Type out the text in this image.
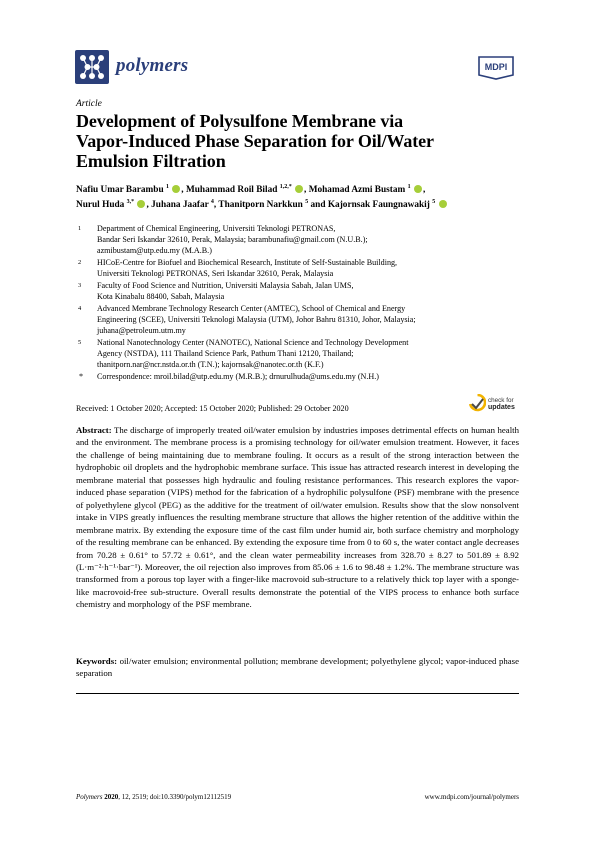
polymers	MDPI
Article
Development of Polysulfone Membrane via
Vapor-Induced Phase Separation for Oil/Water
Emulsion Filtration
Nafiu Umar Barambu $^1$ , Muhammad Roil Bilad $^{1,2,*}$ , Mohamad Azmi Bustam $^1$ ,
Nurul Huda $^{3,*}$ , Juhana Jaafar $^4$, Thanitporn Narkkun $^5$ and Kajornsak Faungnawakij $^5$
1 Department of Chemical Engineering, Universiti Teknologi PETRONAS,
Bandar Seri Iskandar 32610, Perak, Malaysia; barambunafiu@gmail.com (N.U.B.);
azmibustam@utp.edu.my (M.A.B.)
2 HICoE-Centre for Biofuel and Biochemical Research, Institute of Self-Sustainable Building,
Universiti Teknologi PETRONAS, Seri Iskandar 32610, Perak, Malaysia
3 Faculty of Food Science and Nutrition, Universiti Malaysia Sabah, Jalan UMS,
Kota Kinabalu 88400, Sabah, Malaysia
4 Advanced Membrane Technology Research Center (AMTEC), School of Chemical and Energy
Engineering (SCEE), Universiti Teknologi Malaysia (UTM), Johor Bahru 81310, Johor, Malaysia;
juhana@petroleum.utm.my
5 National Nanotechnology Center (NANOTEC), National Science and Technology Development
Agency (NSTDA), 111 Thailand Science Park, Pathum Thani 12120, Thailand;
thanitporn.nar@ncr.nstda.or.th (T.N.); kajornsak@nanotec.or.th (K.F.)
* Correspondence: mroil.bilad@utp.edu.my (M.R.B.); drnurulhuda@ums.edu.my (N.H.)
Received: 1 October 2020; Accepted: 15 October 2020; Published: 29 October 2020
check for
updates
Abstract: The discharge of improperly treated oil/water emulsion by industries imposes detrimental effects on human health and the environment. The membrane process is a promising technology for oil/water emulsion treatment. However, it faces the challenge of being maintaining due to membrane fouling. It occurs as a result of the strong interaction between the hydrophobic oil droplets and the hydrophobic membrane surface. This issue has attracted research interest in developing the membrane material that possesses high hydraulic and fouling resistance performances. This research explores the vapor-induced phase separation (VIPS) method for the fabrication of a hydrophilic polysulfone (PSF) membrane with the presence of polyethylene glycol (PEG) as the additive for the treatment of oil/water emulsion. Results show that the slow nonsolvent intake in VIPS greatly influences the resulting membrane structure that allows the higher retention of the additive within the membrane matrix. By extending the exposure time of the cast film under humid air, both surface chemistry and morphology of the resulting membrane can be enhanced. By extending the exposure time from 0 to 60 s, the water contact angle decreases from 70.28 ± 0.61° to 57.72 ± 0.61°, and the clean water permeability increases from 328.70 ± 8.27 to 501.89 ± 8.92 (L·m⁻²·h⁻¹·bar⁻¹). Moreover, the oil rejection also improves from 85.06 ± 1.6 to 98.48 ± 1.2%. The membrane structure was transformed from a porous top layer with a finger-like macrovoid sub-structure to a relatively thick top layer with a sponge-like macrovoid-free sub-structure. Overall results demonstrate the potential of the VIPS process to enhance both surface chemistry and morphology of the PSF membrane.
Keywords: oil/water emulsion; environmental pollution; membrane development; polyethylene glycol; vapor-induced phase separation
Polymers 2020, 12, 2519; doi:10.3390/polym12112519	www.mdpi.com/journal/polymers
